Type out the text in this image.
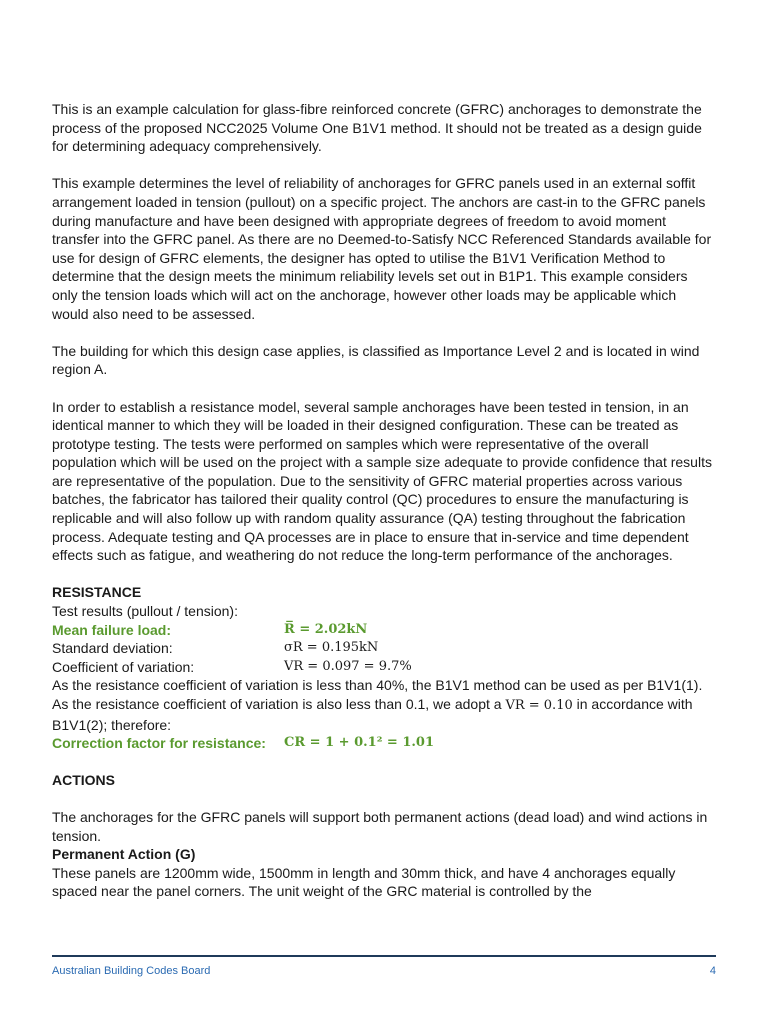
This is an example calculation for glass-fibre reinforced concrete (GFRC) anchorages to demonstrate the process of the proposed NCC2025 Volume One B1V1 method. It should not be treated as a design guide for determining adequacy comprehensively.

This example determines the level of reliability of anchorages for GFRC panels used in an external soffit arrangement loaded in tension (pullout) on a specific project. The anchors are cast-in to the GFRC panels during manufacture and have been designed with appropriate degrees of freedom to avoid moment transfer into the GFRC panel. As there are no Deemed-to-Satisfy NCC Referenced Standards available for use for design of GFRC elements, the designer has opted to utilise the B1V1 Verification Method to determine that the design meets the minimum reliability levels set out in B1P1. This example considers only the tension loads which will act on the anchorage, however other loads may be applicable which would also need to be assessed.

The building for which this design case applies, is classified as Importance Level 2 and is located in wind region A.

In order to establish a resistance model, several sample anchorages have been tested in tension, in an identical manner to which they will be loaded in their designed configuration. These can be treated as prototype testing. The tests were performed on samples which were representative of the overall population which will be used on the project with a sample size adequate to provide confidence that results are representative of the population. Due to the sensitivity of GFRC material properties across various batches, the fabricator has tailored their quality control (QC) procedures to ensure the manufacturing is replicable and will also follow up with random quality assurance (QA) testing throughout the fabrication process. Adequate testing and QA processes are in place to ensure that in-service and time dependent effects such as fatigue, and weathering do not reduce the long-term performance of the anchorages.

RESISTANCE

Test results (pullout / tension):

Mean failure load:	R̅ = 2.02kN
Standard deviation:	σR = 0.195kN
Coefficient of variation:	VR = 0.097 = 9.7%

As the resistance coefficient of variation is less than 40%, the B1V1 method can be used as per B1V1(1).

As the resistance coefficient of variation is also less than 0.1, we adopt a VR = 0.10 in accordance with B1V1(2); therefore:

Correction factor for resistance:	CR = 1 + 0.1² = 1.01

ACTIONS

The anchorages for the GFRC panels will support both permanent actions (dead load) and wind actions in tension.

Permanent Action (G)

These panels are 1200mm wide, 1500mm in length and 30mm thick, and have 4 anchorages equally spaced near the panel corners. The unit weight of the GRC material is controlled by the

Australian Building Codes Board	4
